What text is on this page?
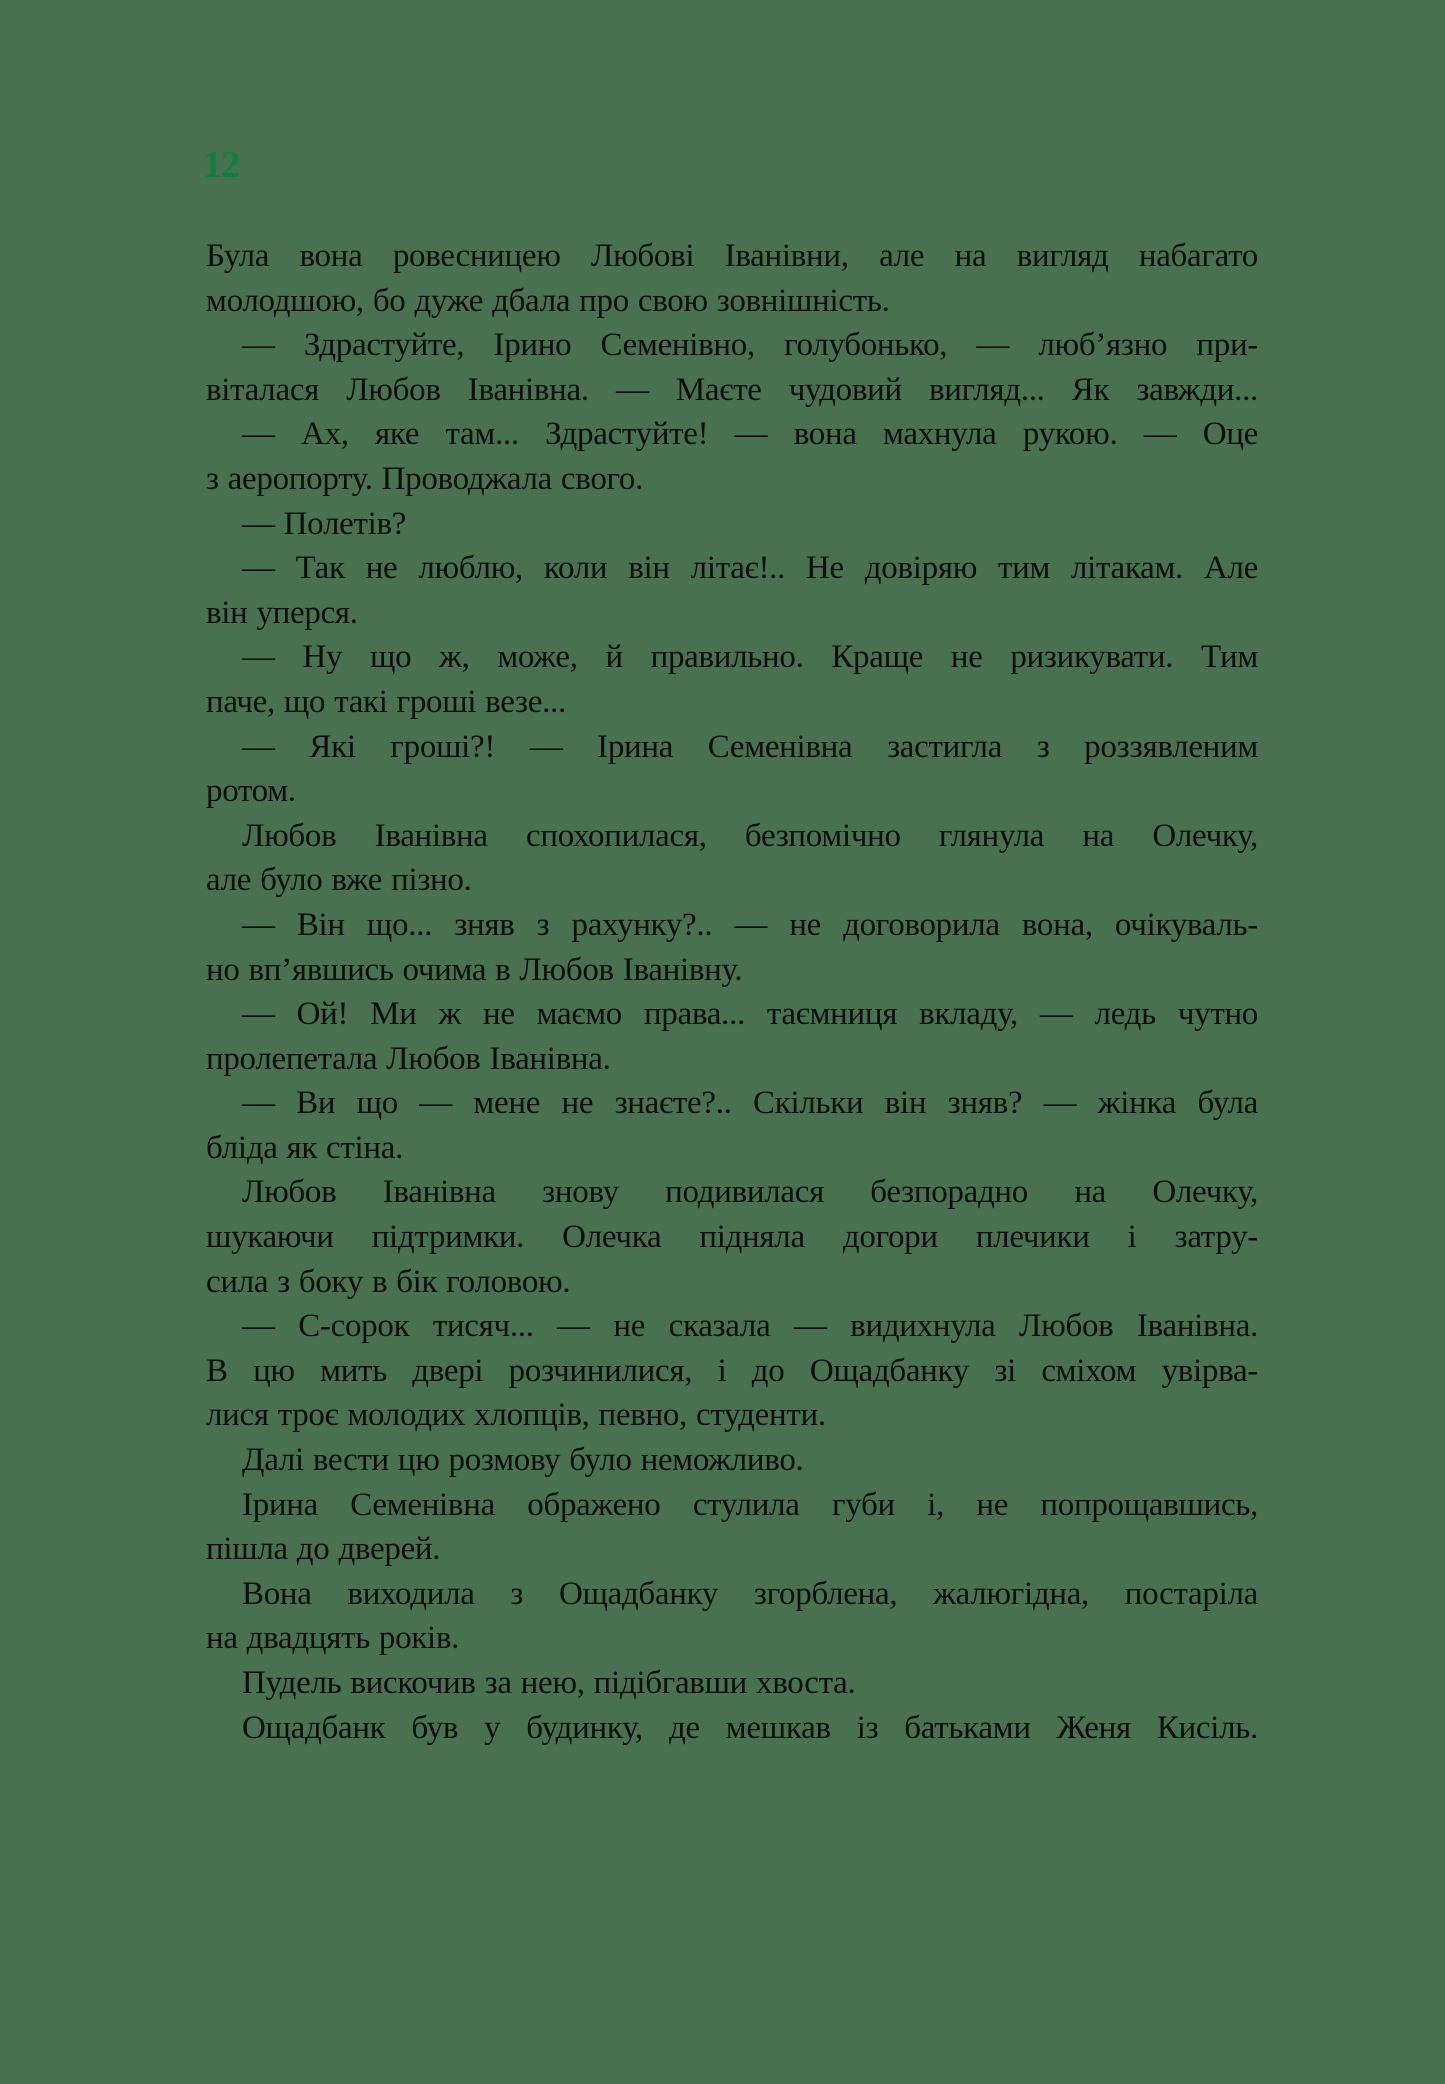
12
Була вона ровесницею Любові Іванівни, але на вигляд набагато
молодшою, бо дуже дбала про свою зовнішність.
— Здрастуйте, Ірино Семенівно, голубонько, — люб’язно при-
віталася Любов Іванівна. — Маєте чудовий вигляд... Як завжди...
— Ах, яке там... Здрастуйте! — вона махнула рукою. — Оце
з аеропорту. Проводжала свого.
— Полетів?
— Так не люблю, коли він літає!.. Не довіряю тим літакам. Але
він уперся.
— Ну що ж, може, й правильно. Краще не ризикувати. Тим
паче, що такі гроші везе...
— Які гроші?! — Ірина Семенівна застигла з роззявленим
ротом.
Любов Іванівна спохопилася, безпомічно глянула на Олечку,
але було вже пізно.
— Він що... зняв з рахунку?.. — не договорила вона, очікуваль-
но вп’явшись очима в Любов Іванівну.
— Ой! Ми ж не маємо права... таємниця вкладу, — ледь чутно
пролепетала Любов Іванівна.
— Ви що — мене не знаєте?.. Скільки він зняв? — жінка була
бліда як стіна.
Любов Іванівна знову подивилася безпорадно на Олечку,
шукаючи підтримки. Олечка підняла догори плечики і затру-
сила з боку в бік головою.
— С-сорок тисяч... — не сказала — видихнула Любов Іванівна.
В цю мить двері розчинилися, і до Ощадбанку зі сміхом увірва-
лися троє молодих хлопців, певно, студенти.
Далі вести цю розмову було неможливо.
Ірина Семенівна ображено стулила губи і, не попрощавшись,
пішла до дверей.
Вона виходила з Ощадбанку згорблена, жалюгідна, постаріла
на двадцять років.
Пудель вискочив за нею, підібгавши хвоста.
Ощадбанк був у будинку, де мешкав із батьками Женя Кисіль.
